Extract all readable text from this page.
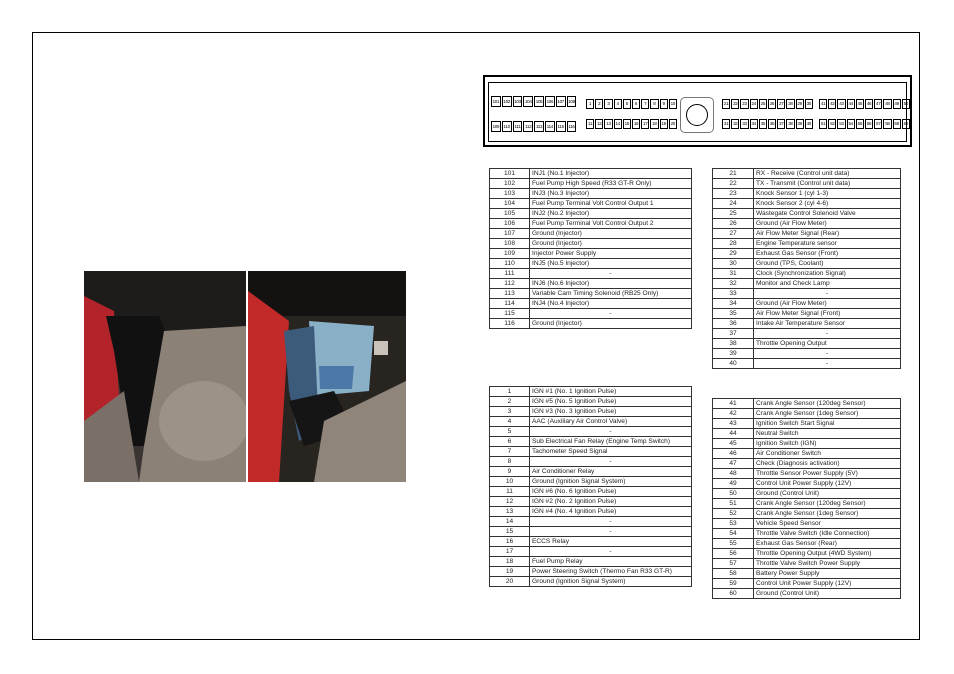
101 102 103 104 105 106 107 108
109 110	111	112	113	114	115	116
1	2	3	4	5	6	7	8	9	10
11	12	13	14	15	16	17	18	19	20
21	22	23	24	25	26	27	28	29	30
31	32	33	34	35	36	37	38	39	40
41	42	43	44	45	46	47	48	49	50
51	52	53	54	55	56	57	58	59	60
101	INJ1 (No.1 Injector)
102	Fuel Pump High Speed (R33 GT-R Only)
103	INJ3 (No.3 Injector)
104	Fuel Pump Terminal Volt Control Output 1
105	INJ2 (No.2 Injector)
106	Fuel Pump Terminal Volt Control Output 2
107	Ground (Injector)
108	Ground (Injector)
109	Injector Power Supply
110	INJ5 (No.5 Injector)
111	-
112	INJ6 (No.6 Injector)
113	Variable Cam Timing Solenoid (RB25 Only)
114	INJ4 (No.4 Injector)
115	-
116	Ground (Injector)
21	RX - Receive (Control unit data)
22	TX - Transmit (Control unit data)
23	Knock Sensor 1 (cyl 1-3)
24	Knock Sensor 2 (cyl 4-6)
25	Wastegate Control Solenoid Valve
26	Ground (Air Flow Meter)
27	Air Flow Meter Signal (Rear)
28	Engine Temperature sensor
29	Exhaust Gas Sensor (Front)
30	Ground (TPS, Coolant)
31	Clock (Synchronization Signal)
32	Monitor and Check Lamp
33	-
34	Ground (Air Flow Meter)
35	Air Flow Meter Signal (Front)
36	Intake Air Temperature Sensor
37	-
38	Throttle Opening Output
39	-
40	-
1	IGN #1 (No. 1 Ignition Pulse)
2	IGN #5 (No. 5 Ignition Pulse)
3	IGN #3 (No. 3 Ignition Pulse)
4	AAC (Auxiliary Air Control Valve)
5	-
6	Sub Electrical Fan Relay (Engine Temp Switch)
7	Tachometer Speed Signal
8	-
9	Air Conditioner Relay
10	Ground (Ignition Signal System)
11	IGN #6 (No. 6 Ignition Pulse)
12	IGN #2 (No. 2 Ignition Pulse)
13	IGN #4 (No. 4 Ignition Pulse)
14	-
15	-
16	ECCS Relay
17	-
18	Fuel Pump Relay
19	Power Steering Switch (Thermo Fan R33 GT-R)
20	Ground (Ignition Signal System)
41	Crank Angle Sensor (120deg Sensor)
42	Crank Angle Sensor (1deg Sensor)
43	Ignition Switch Start Signal
44	Neutral Switch
45	Ignition Switch (IGN)
46	Air Conditioner Switch
47	Check (Diagnosis activation)
48	Throttle Sensor Power Supply (5V)
49	Control Unit Power Supply (12V)
50	Ground (Control Unit)
51	Crank Angle Sensor (120deg Sensor)
52	Crank Angle Sensor (1deg Sensor)
53	Vehicle Speed Sensor
54	Throttle Valve Switch (Idle Connection)
55	Exhaust Gas Sensor (Rear)
56	Throttle Opening Output (4WD System)
57	Throttle Valve Switch Power Supply
58	Battery Power Supply
59	Control Unit Power Supply (12V)
60	Ground (Control Unit)
